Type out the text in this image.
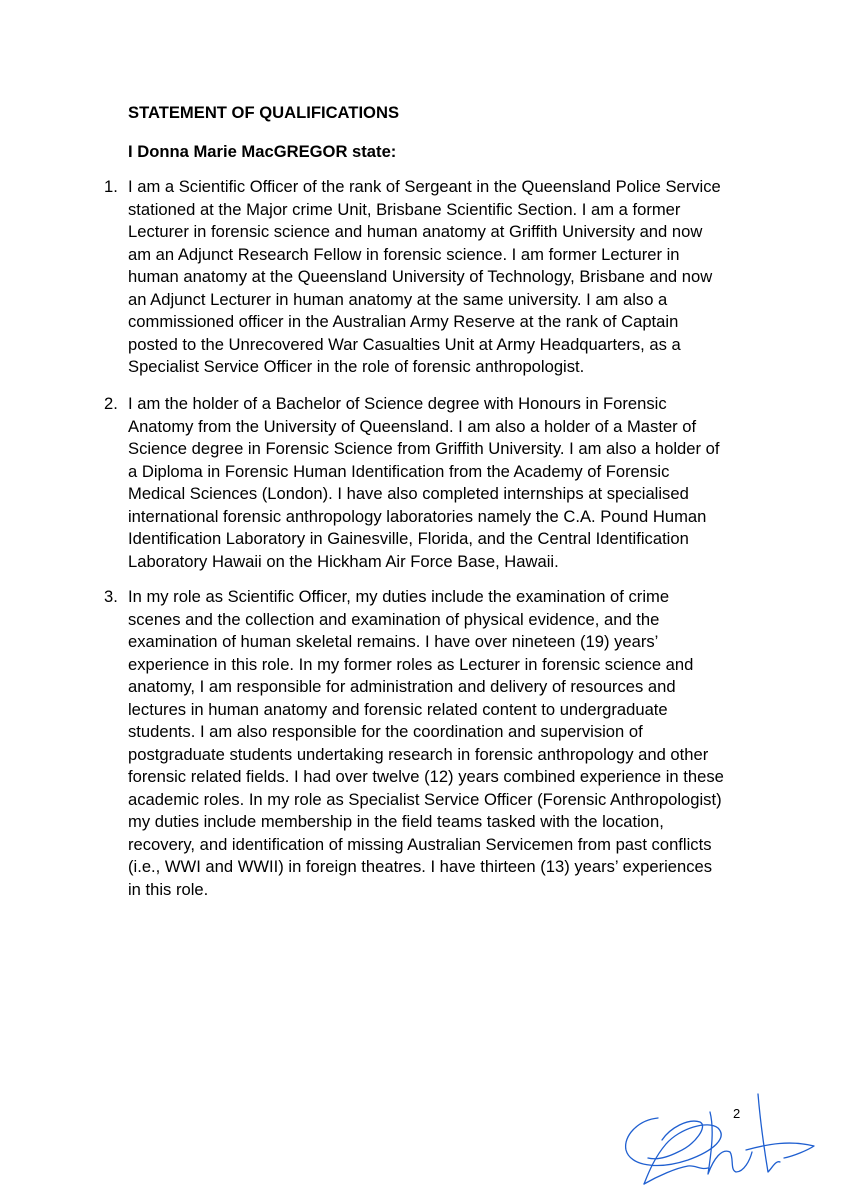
STATEMENT OF QUALIFICATIONS
I Donna Marie MacGREGOR state:
1. I am a Scientific Officer of the rank of Sergeant in the Queensland Police Service
stationed at the Major crime Unit, Brisbane Scientific Section. I am a former
Lecturer in forensic science and human anatomy at Griffith University and now
am an Adjunct Research Fellow in forensic science. I am former Lecturer in
human anatomy at the Queensland University of Technology, Brisbane and now
an Adjunct Lecturer in human anatomy at the same university. I am also a
commissioned officer in the Australian Army Reserve at the rank of Captain
posted to the Unrecovered War Casualties Unit at Army Headquarters, as a
Specialist Service Officer in the role of forensic anthropologist.
2. I am the holder of a Bachelor of Science degree with Honours in Forensic
Anatomy from the University of Queensland. I am also a holder of a Master of
Science degree in Forensic Science from Griffith University. I am also a holder of
a Diploma in Forensic Human Identification from the Academy of Forensic
Medical Sciences (London). I have also completed internships at specialised
international forensic anthropology laboratories namely the C.A. Pound Human
Identification Laboratory in Gainesville, Florida, and the Central Identification
Laboratory Hawaii on the Hickham Air Force Base, Hawaii.
3. In my role as Scientific Officer, my duties include the examination of crime
scenes and the collection and examination of physical evidence, and the
examination of human skeletal remains. I have over nineteen (19) years’
experience in this role. In my former roles as Lecturer in forensic science and
anatomy, I am responsible for administration and delivery of resources and
lectures in human anatomy and forensic related content to undergraduate
students. I am also responsible for the coordination and supervision of
postgraduate students undertaking research in forensic anthropology and other
forensic related fields. I had over twelve (12) years combined experience in these
academic roles. In my role as Specialist Service Officer (Forensic Anthropologist)
my duties include membership in the field teams tasked with the location,
recovery, and identification of missing Australian Servicemen from past conflicts
(i.e., WWI and WWII) in foreign theatres. I have thirteen (13) years’ experiences
in this role.
2
